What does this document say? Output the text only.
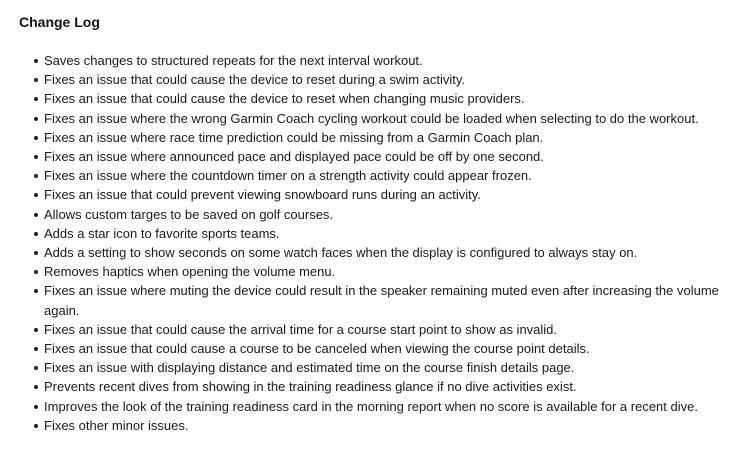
Change Log
Saves changes to structured repeats for the next interval workout.
Fixes an issue that could cause the device to reset during a swim activity.
Fixes an issue that could cause the device to reset when changing music providers.
Fixes an issue where the wrong Garmin Coach cycling workout could be loaded when selecting to do the workout.
Fixes an issue where race time prediction could be missing from a Garmin Coach plan.
Fixes an issue where announced pace and displayed pace could be off by one second.
Fixes an issue where the countdown timer on a strength activity could appear frozen.
Fixes an issue that could prevent viewing snowboard runs during an activity.
Allows custom targes to be saved on golf courses.
Adds a star icon to favorite sports teams.
Adds a setting to show seconds on some watch faces when the display is configured to always stay on.
Removes haptics when opening the volume menu.
Fixes an issue where muting the device could result in the speaker remaining muted even after increasing the volume again.
Fixes an issue that could cause the arrival time for a course start point to show as invalid.
Fixes an issue that could cause a course to be canceled when viewing the course point details.
Fixes an issue with displaying distance and estimated time on the course finish details page.
Prevents recent dives from showing in the training readiness glance if no dive activities exist.
Improves the look of the training readiness card in the morning report when no score is available for a recent dive.
Fixes other minor issues.
